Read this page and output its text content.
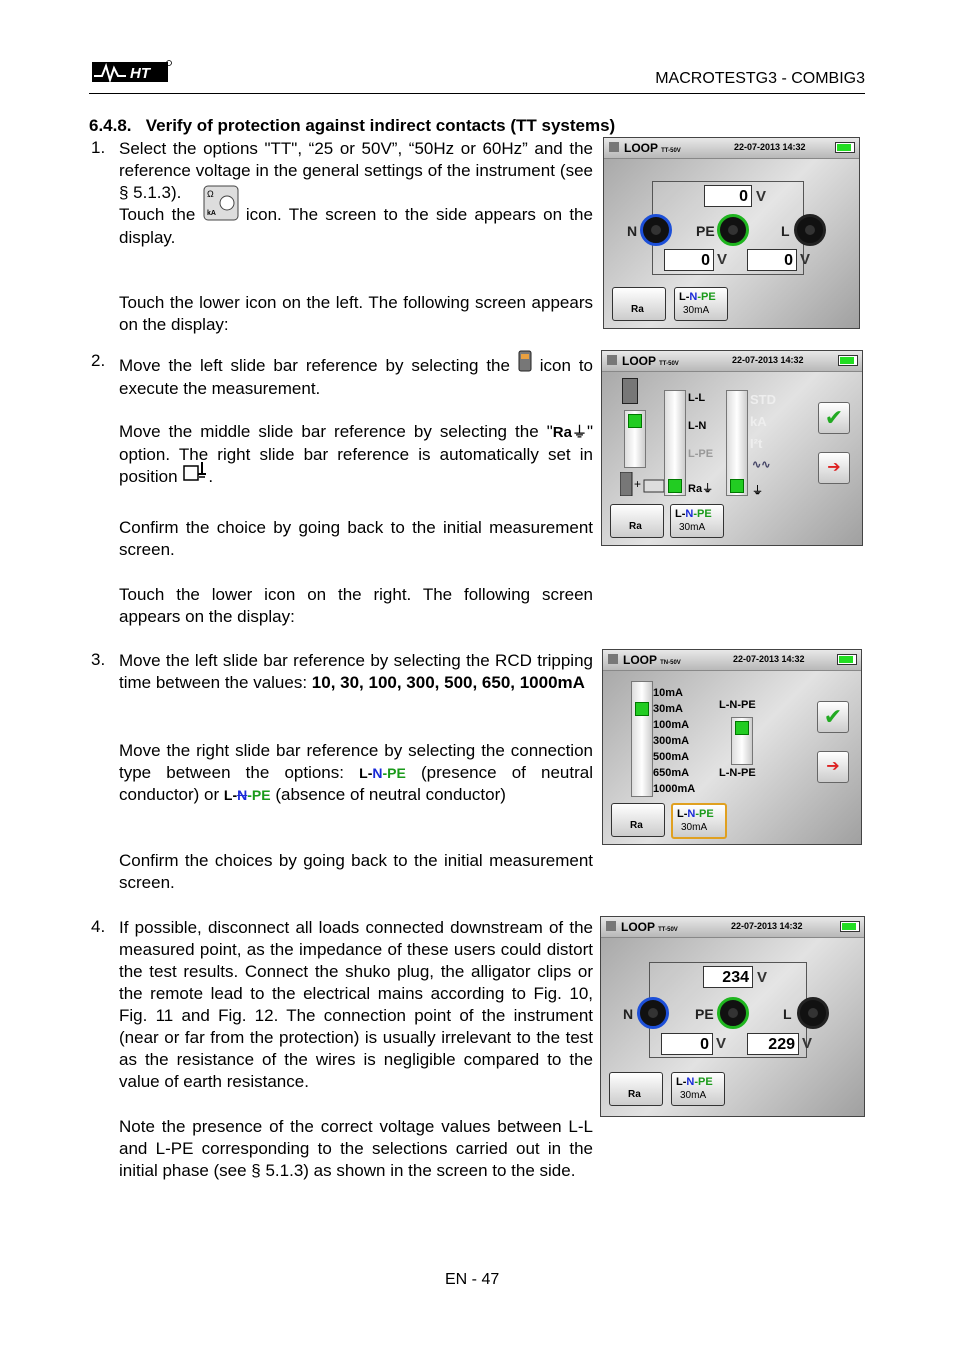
HT	MACROTESTG3 - COMBIG3
6.4.8. Verify of protection against indirect contacts (TT systems)
1. Select the options "TT", “25 or 50V”, “50Hz or 60Hz” and the reference voltage in the general settings of the instrument (see § 5.1.3).
Touch the
Ω
kA icon. The screen to the side appears on the display.
Touch the lower icon on the left. The following screen appears on the display:
LOOP TT-50V	22-07-2013 14:32
0 V
N	PE	L
0 V	0 V
Ra
L-N-PE
30mA
2. Move the left slide bar reference by selecting the icon to execute the measurement.
Move the middle slide bar reference by selecting the "Ra⏚" option. The right slide bar reference is automatically set in position .
Confirm the choice by going back to the initial measurement screen.
Touch the lower icon on the right. The following screen appears on the display:
LOOP TT-50V	22-07-2013 14:32
+
L-L
L-N
L-PE
Ra⏚
STD
kA
I²t
∿∿
⏚
✔
➔
Ra
L-N-PE
30mA
3. Move the left slide bar reference by selecting the RCD tripping time between the values: 10, 30, 100, 300, 500, 650, 1000mA
Move the right slide bar reference by selecting the connection type between the options: L-N-PE (presence of neutral conductor) or L-N-PE (absence of neutral conductor)
Confirm the choices by going back to the initial measurement screen.
LOOP TN-50V	22-07-2013 14:32
10mA
30mA
100mA
300mA
500mA
650mA
1000mA
L-N-PE
L-N-PE
✔
➔
Ra
L-N-PE
30mA
4. If possible, disconnect all loads connected downstream of the measured point, as the impedance of these users could distort the test results. Connect the shuko plug, the alligator clips or the remote lead to the electrical mains according to Fig. 10, Fig. 11 and Fig. 12. The connection point of the instrument (near or far from the protection) is usually irrelevant to the test as the resistance of the wires is negligible compared to the value of earth resistance.
Note the presence of the correct voltage values between L-L and L-PE corresponding to the selections carried out in the initial phase (see § 5.1.3) as shown in the screen to the side.
LOOP TT-50V	22-07-2013 14:32
234 V
N	PE	L
0 V	229 V
Ra
L-N-PE
30mA
EN - 47
